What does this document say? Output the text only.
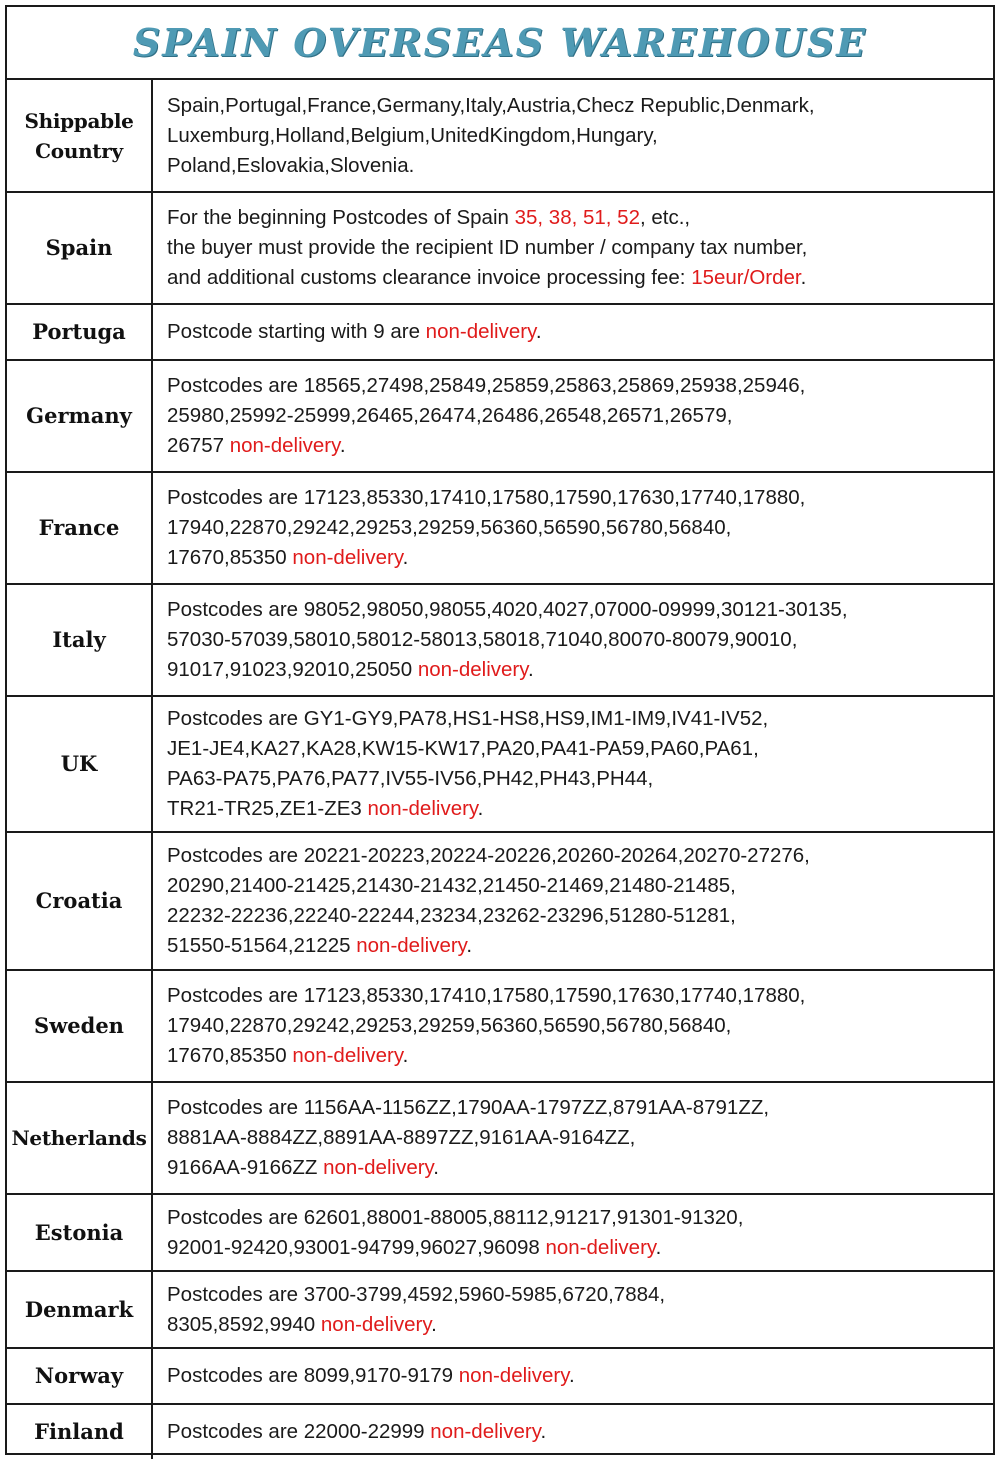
SPAIN OVERSEAS WAREHOUSE
Shippable
Country	Spain,Portugal,France,Germany,Italy,Austria,Checz Republic,Denmark,
Luxemburg,Holland,Belgium,UnitedKingdom,Hungary,
Poland,Eslovakia,Slovenia.
Spain	For the beginning Postcodes of Spain 35, 38, 51, 52, etc.,
the buyer must provide the recipient ID number / company tax number,
and additional customs clearance invoice processing fee: 15eur/Order.
Portuga	Postcode starting with 9 are non-delivery.
Germany	Postcodes are 18565,27498,25849,25859,25863,25869,25938,25946,
25980,25992-25999,26465,26474,26486,26548,26571,26579,
26757 non-delivery.
France	Postcodes are 17123,85330,17410,17580,17590,17630,17740,17880,
17940,22870,29242,29253,29259,56360,56590,56780,56840,
17670,85350 non-delivery.
Italy	Postcodes are 98052,98050,98055,4020,4027,07000-09999,30121-30135,
57030-57039,58010,58012-58013,58018,71040,80070-80079,90010,
91017,91023,92010,25050 non-delivery.
UK	Postcodes are GY1-GY9,PA78,HS1-HS8,HS9,IM1-IM9,IV41-IV52,
JE1-JE4,KA27,KA28,KW15-KW17,PA20,PA41-PA59,PA60,PA61,
PA63-PA75,PA76,PA77,IV55-IV56,PH42,PH43,PH44,
TR21-TR25,ZE1-ZE3 non-delivery.
Croatia	Postcodes are 20221-20223,20224-20226,20260-20264,20270-27276,
20290,21400-21425,21430-21432,21450-21469,21480-21485,
22232-22236,22240-22244,23234,23262-23296,51280-51281,
51550-51564,21225 non-delivery.
Sweden	Postcodes are 17123,85330,17410,17580,17590,17630,17740,17880,
17940,22870,29242,29253,29259,56360,56590,56780,56840,
17670,85350 non-delivery.
Netherlands	Postcodes are 1156AA-1156ZZ,1790AA-1797ZZ,8791AA-8791ZZ,
8881AA-8884ZZ,8891AA-8897ZZ,9161AA-9164ZZ,
9166AA-9166ZZ non-delivery.
Estonia	Postcodes are 62601,88001-88005,88112,91217,91301-91320,
92001-92420,93001-94799,96027,96098 non-delivery.
Denmark	Postcodes are 3700-3799,4592,5960-5985,6720,7884,
8305,8592,9940 non-delivery.
Norway	Postcodes are 8099,9170-9179 non-delivery.
Finland	Postcodes are 22000-22999 non-delivery.
